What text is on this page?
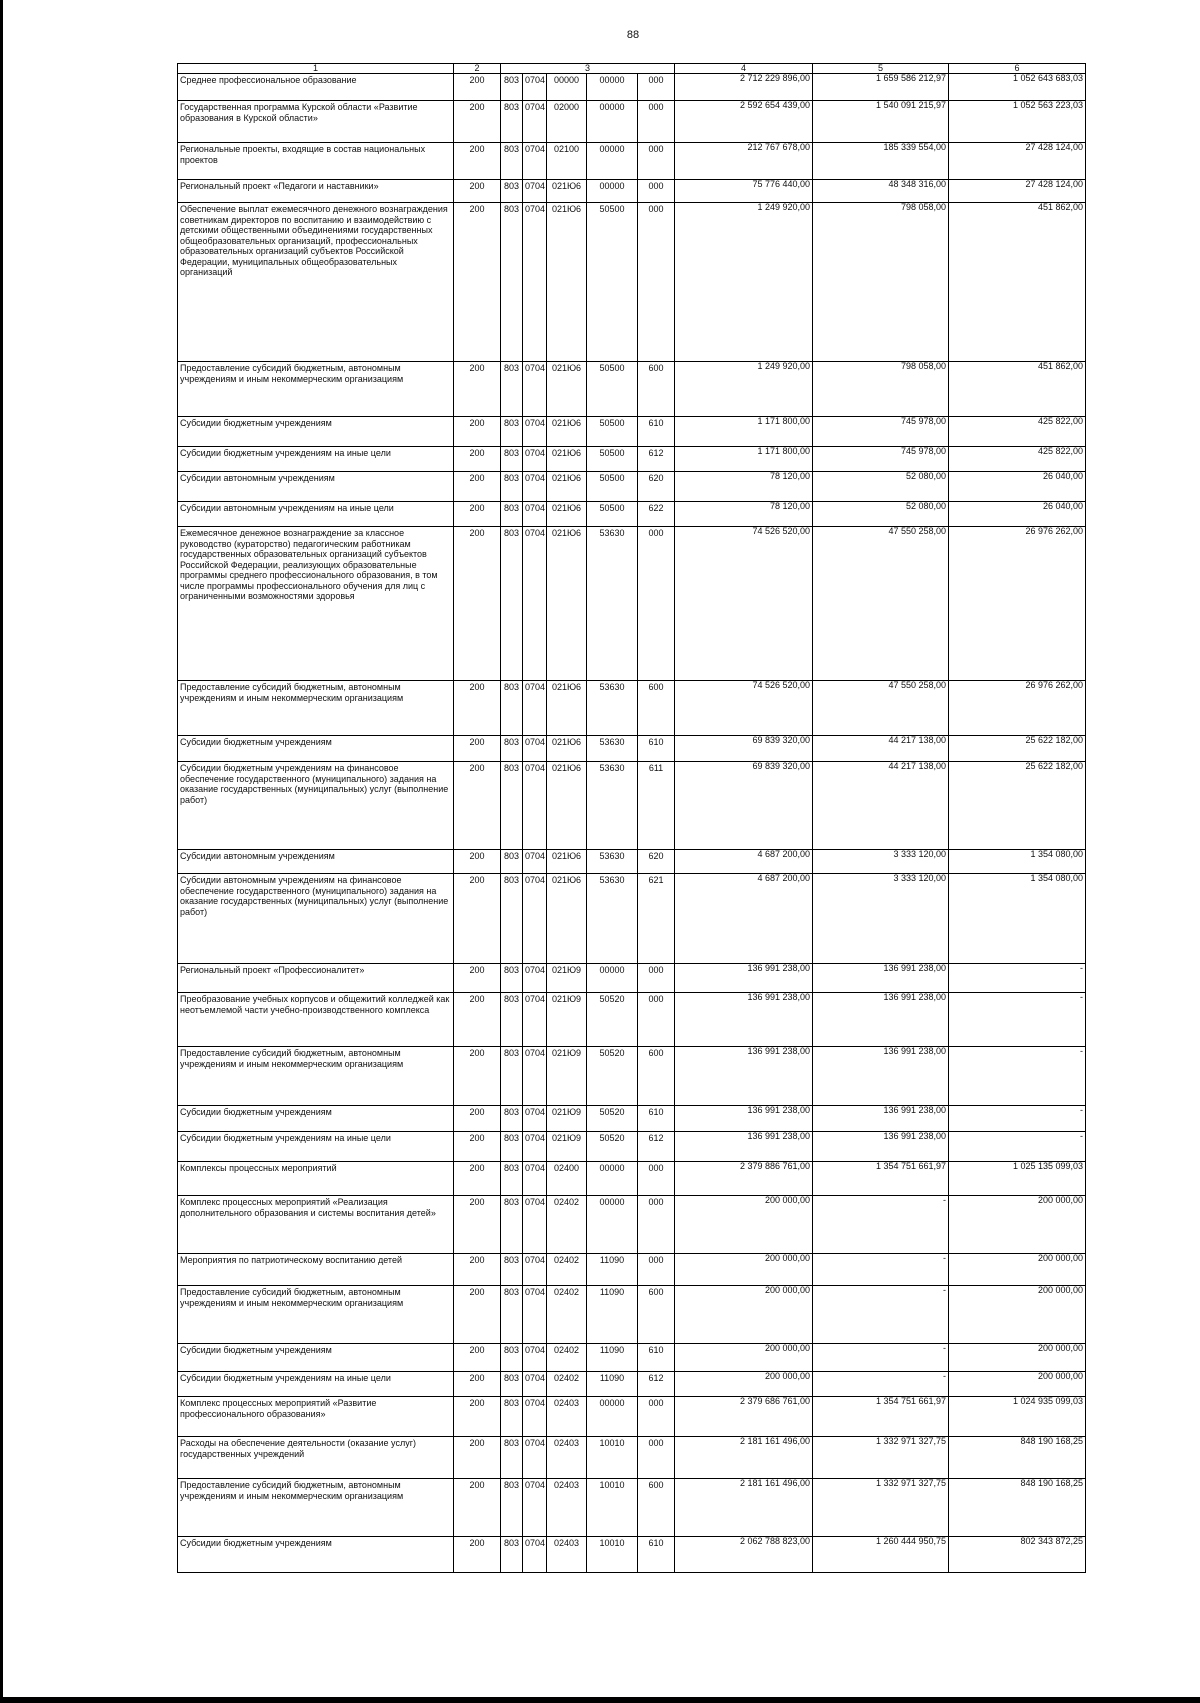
88
1	2	3					4	5	6
Среднее профессиональное образование	200	803	0704	00000	00000	000	2 712 229 896,00	1 659 586 212,97	1 052 643 683,03
Государственная программа Курской области «Развитие образования в Курской области»	200	803	0704	02000	00000	000	2 592 654 439,00	1 540 091 215,97	1 052 563 223,03
Региональные проекты, входящие в состав национальных проектов	200	803	0704	02100	00000	000	212 767 678,00	185 339 554,00	27 428 124,00
Региональный проект «Педагоги и наставники»	200	803	0704	021Ю6	00000	000	75 776 440,00	48 348 316,00	27 428 124,00
Обеспечение выплат ежемесячного денежного вознаграждения советникам директоров по воспитанию и взаимодействию с детскими общественными объединениями государственных общеобразовательных организаций, профессиональных образовательных организаций субъектов Российской Федерации, муниципальных общеобразовательных организаций	200	803	0704	021Ю6	50500	000	1 249 920,00	798 058,00	451 862,00
Предоставление субсидий бюджетным, автономным учреждениям и иным некоммерческим организациям	200	803	0704	021Ю6	50500	600	1 249 920,00	798 058,00	451 862,00
Субсидии бюджетным учреждениям	200	803	0704	021Ю6	50500	610	1 171 800,00	745 978,00	425 822,00
Субсидии бюджетным учреждениям на иные цели	200	803	0704	021Ю6	50500	612	1 171 800,00	745 978,00	425 822,00
Субсидии автономным учреждениям	200	803	0704	021Ю6	50500	620	78 120,00	52 080,00	26 040,00
Субсидии автономным учреждениям на иные цели	200	803	0704	021Ю6	50500	622	78 120,00	52 080,00	26 040,00
Ежемесячное денежное вознаграждение за классное руководство (кураторство) педагогическим работникам государственных образовательных организаций субъектов Российской Федерации, реализующих образовательные программы среднего профессионального образования, в том числе программы профессионального обучения для лиц с ограниченными возможностями здоровья	200	803	0704	021Ю6	53630	000	74 526 520,00	47 550 258,00	26 976 262,00
Предоставление субсидий бюджетным, автономным учреждениям и иным некоммерческим организациям	200	803	0704	021Ю6	53630	600	74 526 520,00	47 550 258,00	26 976 262,00
Субсидии бюджетным учреждениям	200	803	0704	021Ю6	53630	610	69 839 320,00	44 217 138,00	25 622 182,00
Субсидии бюджетным учреждениям на финансовое обеспечение государственного (муниципального) задания на оказание государственных (муниципальных) услуг (выполнение работ)	200	803	0704	021Ю6	53630	611	69 839 320,00	44 217 138,00	25 622 182,00
Субсидии автономным учреждениям	200	803	0704	021Ю6	53630	620	4 687 200,00	3 333 120,00	1 354 080,00
Субсидии автономным учреждениям на финансовое обеспечение государственного (муниципального) задания на оказание государственных (муниципальных) услуг (выполнение работ)	200	803	0704	021Ю6	53630	621	4 687 200,00	3 333 120,00	1 354 080,00
Региональный проект «Профессионалитет»	200	803	0704	021Ю9	00000	000	136 991 238,00	136 991 238,00	-
Преобразование учебных корпусов и общежитий колледжей как неотъемлемой части учебно-производственного комплекса	200	803	0704	021Ю9	50520	000	136 991 238,00	136 991 238,00	-
Предоставление субсидий бюджетным, автономным учреждениям и иным некоммерческим организациям	200	803	0704	021Ю9	50520	600	136 991 238,00	136 991 238,00	-
Субсидии бюджетным учреждениям	200	803	0704	021Ю9	50520	610	136 991 238,00	136 991 238,00	-
Субсидии бюджетным учреждениям на иные цели	200	803	0704	021Ю9	50520	612	136 991 238,00	136 991 238,00	-
Комплексы процессных мероприятий	200	803	0704	02400	00000	000	2 379 886 761,00	1 354 751 661,97	1 025 135 099,03
Комплекс процессных мероприятий «Реализация дополнительного образования и системы воспитания детей»	200	803	0704	02402	00000	000	200 000,00	-	200 000,00
Мероприятия по патриотическому воспитанию детей	200	803	0704	02402	11090	000	200 000,00	-	200 000,00
Предоставление субсидий бюджетным, автономным учреждениям и иным некоммерческим организациям	200	803	0704	02402	11090	600	200 000,00	-	200 000,00
Субсидии бюджетным учреждениям	200	803	0704	02402	11090	610	200 000,00	-	200 000,00
Субсидии бюджетным учреждениям на иные цели	200	803	0704	02402	11090	612	200 000,00	-	200 000,00
Комплекс процессных мероприятий «Развитие профессионального образования»	200	803	0704	02403	00000	000	2 379 686 761,00	1 354 751 661,97	1 024 935 099,03
Расходы на обеспечение деятельности (оказание услуг) государственных учреждений	200	803	0704	02403	10010	000	2 181 161 496,00	1 332 971 327,75	848 190 168,25
Предоставление субсидий бюджетным, автономным учреждениям и иным некоммерческим организациям	200	803	0704	02403	10010	600	2 181 161 496,00	1 332 971 327,75	848 190 168,25
Субсидии бюджетным учреждениям	200	803	0704	02403	10010	610	2 062 788 823,00	1 260 444 950,75	802 343 872,25
